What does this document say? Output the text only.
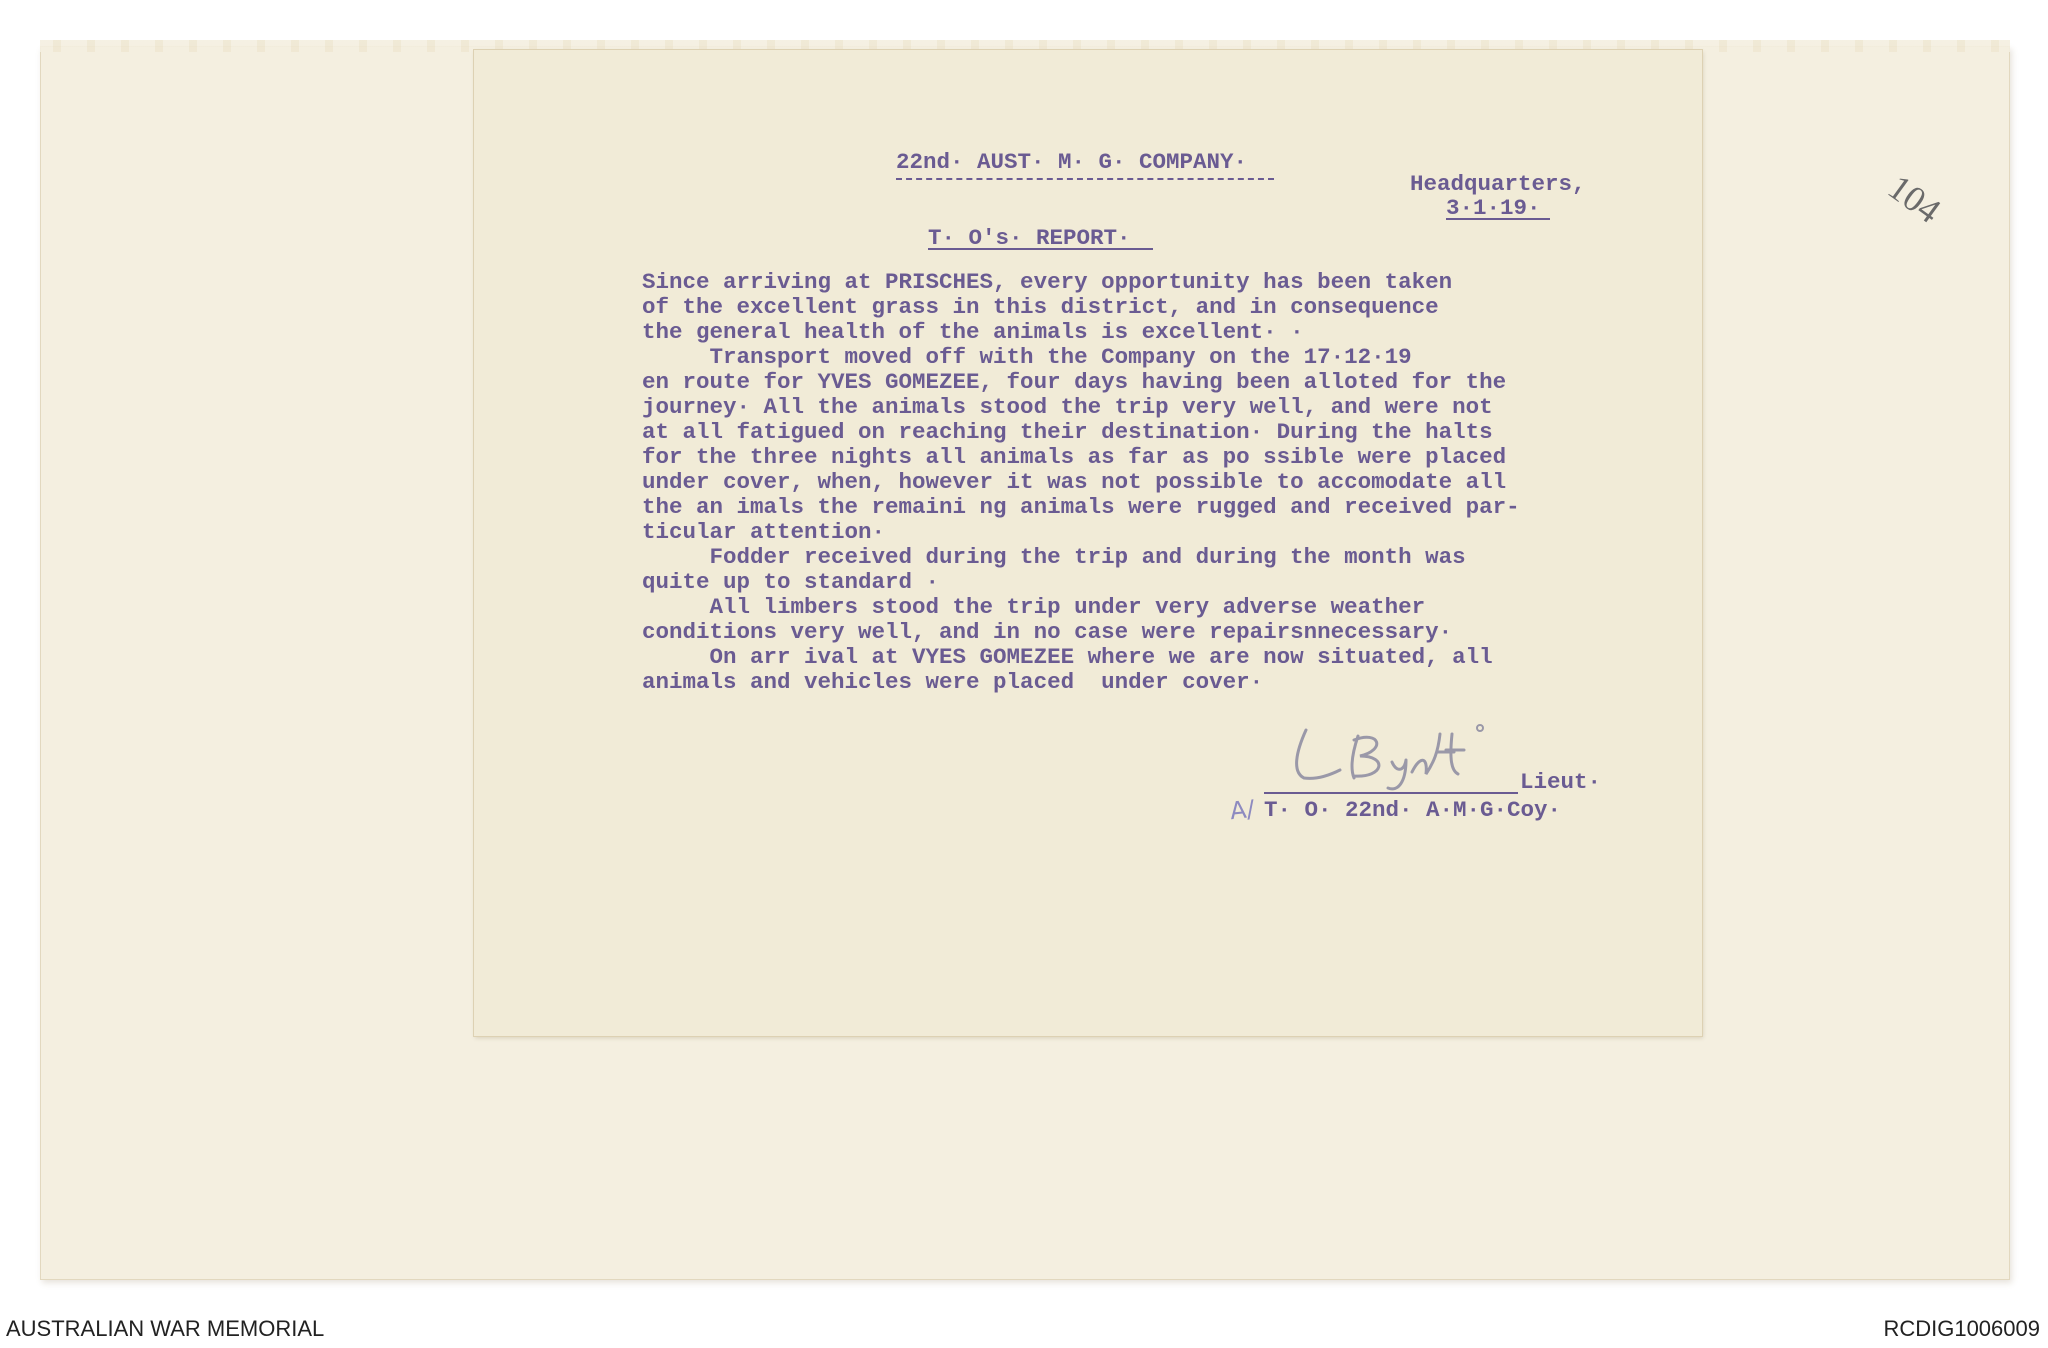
104
22nd· AUST· M· G· COMPANY·
Headquarters,
3·1·19·
T· O's· REPORT·
Since arriving at PRISCHES, every opportunity has been taken
of the excellent grass in this district, and in consequence
the general health of the animals is excellent· ·
Transport moved off with the Company on the 17·12·19
en route for YVES GOMEZEE, four days having been alloted for the
journey· All the animals stood the trip very well, and were not
at all fatigued on reaching their destination· During the halts
for the three nights all animals as far as po ssible were placed
under cover, when, however it was not possible to accomodate all
the an imals the remaini ng animals were rugged and received par-
ticular attention·
Fodder received during the trip and during the month was
quite up to standard ·
All limbers stood the trip under very adverse weather
conditions very well, and in no case were repairsnnecessary·
On arr ival at VYES GOMEZEE where we are now situated, all
animals and vehicles were placed  under cover·
Lieut·
A/ T· O· 22nd· A·M·G·Coy·
AUSTRALIAN WAR MEMORIAL	RCDIG1006009
